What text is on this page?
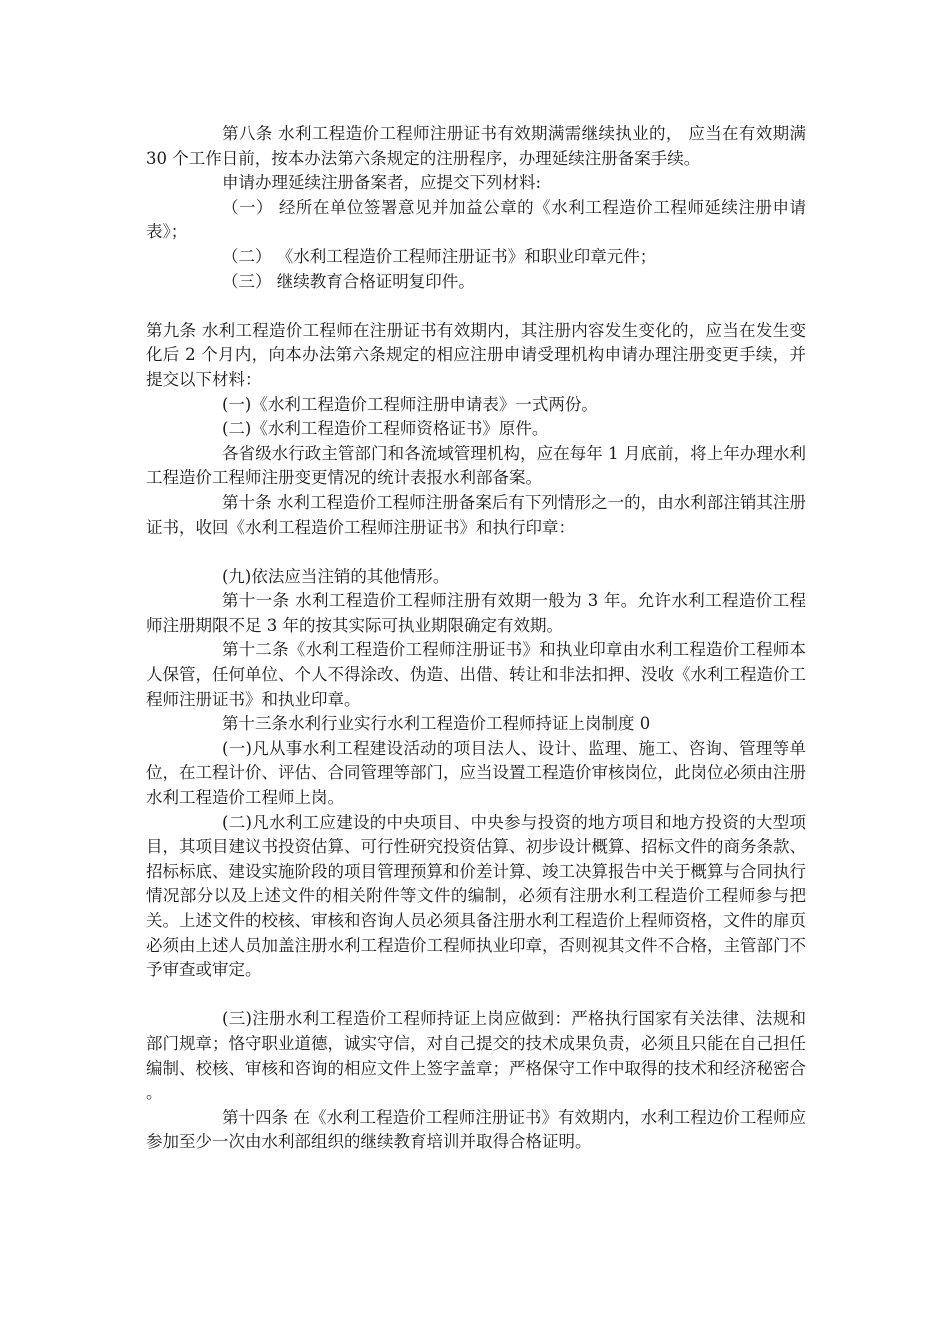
第八条 水利工程造价工程师注册证书有效期满需继续执业的， 应当在有效期满 30 个工作日前，按本办法第六条规定的注册程序，办理延续注册备案手续。

申请办理延续注册备案者，应提交下列材料:

（一） 经所在单位签署意见并加益公章的《水利工程造价工程师延续注册申请表》；

（二） 《水利工程造价工程师注册证书》和职业印章元件；

（三） 继续教育合格证明复印件。

第九条 水利工程造价工程师在注册证书有效期内，其注册内容发生变化的，应当在发生变化后 2 个月内，向本办法第六条规定的相应注册申请受理机构申请办理注册变更手续，并提交以下材料：

(一)《水利工程造价工程师注册申请表》一式两份。

(二)《水利工程造价工程师资格证书》原件。

各省级水行政主管部门和各流域管理机构，应在每年 1 月底前，将上年办理水利工程造价工程师注册变更情况的统计表报水利部备案。

第十条 水利工程造价工程师注册备案后有下列情形之一的，由水利部注销其注册证书，收回《水利工程造价工程师注册证书》和执行印章：

(九)依法应当注销的其他情形。

第十一条 水利工程造价工程师注册有效期一般为 3 年。允许水利工程造价工程师注册期限不足 3 年的按其实际可执业期限确定有效期。

第十二条《水利工程造价工程师注册证书》和执业印章由水利工程造价工程师本人保管，任何单位、个人不得涂改、伪造、出借、转让和非法扣押、没收《水利工程造价工程师注册证书》和执业印章。

第十三条水利行业实行水利工程造价工程师持证上岗制度 0

(一)凡从事水利工程建设活动的项目法人、设计、监理、施工、咨询、管理等单位，在工程计价、评估、合同管理等部门，应当设置工程造价审核岗位，此岗位必须由注册水利工程造价工程师上岗。

(二)凡水利工应建设的中央项目、中央参与投资的地方项目和地方投资的大型项目，其项目建议书投资估算、可行性研究投资估算、初步设计概算、招标文件的商务条款、招标标底、建设实施阶段的项目管理预算和价差计算、竣工决算报告中关于概算与合同执行情况部分以及上述文件的相关附件等文件的编制，必须有注册水利工程造价工程师参与把关。上述文件的校核、审核和咨询人员必须具备注册水利工程造价上程师资格，文件的扉页必须由上述人员加盖注册水利工程造价工程师执业印章，否则视其文件不合格，主管部门不予审查或审定。

(三)注册水利工程造价工程师持证上岗应做到：严格执行国家有关法律、法规和部门规章；恪守职业道德，诚实守信，对自己提交的技术成果负责，必须且只能在自己担任编制、校核、审核和咨询的相应文件上签字盖章；严格保守工作中取得的技术和经济秘密合 。

第十四条 在《水利工程造价工程师注册证书》有效期内，水利工程边价工程师应参加至少一次由水利部组织的继续教育培训并取得合格证明。
